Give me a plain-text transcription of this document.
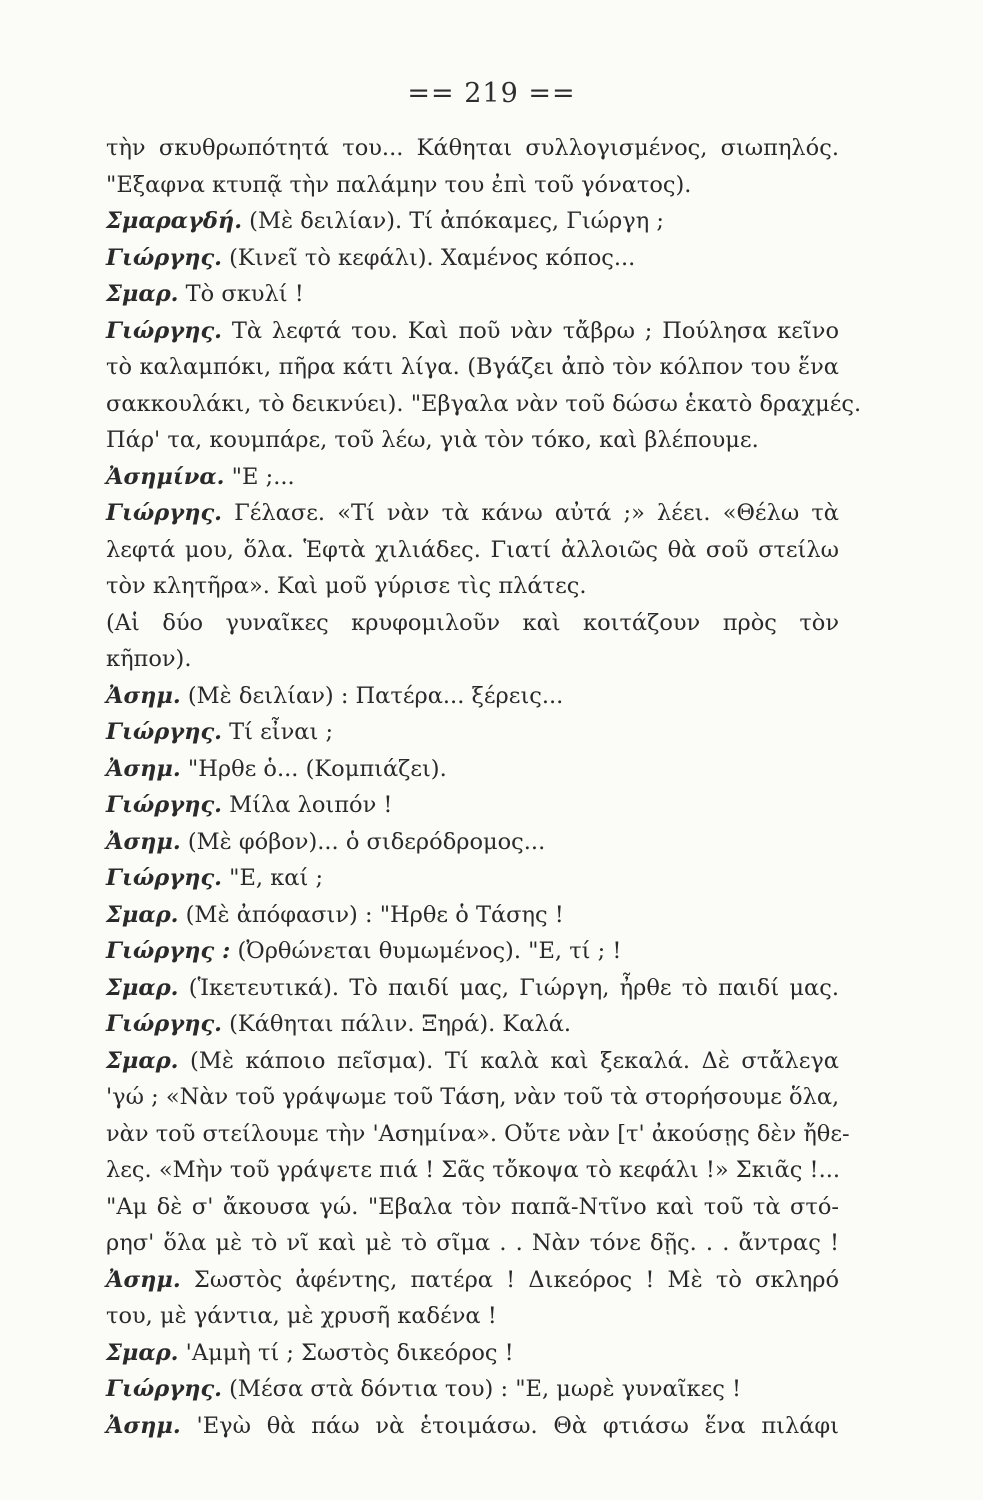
== 219 ==
τὴν σκυθρωπότητά του... Κάθηται συλλογισμένος, σιωπηλός.
"Εξαφνα κτυπᾷ τὴν παλάμην του ἐπὶ τοῦ γόνατος).
Σμαραγδή. (Μὲ δειλίαν). Τί ἀπόκαμες, Γιώργη ;
Γιώργης. (Κινεῖ τὸ κεφάλι). Χαμένος κόπος...
Σμαρ. Τὸ σκυλί !
Γιώργης. Τὰ λεφτά του. Καὶ ποῦ νὰν τἄβρω ; Πούλησα κεῖνο
τὸ καλαμπόκι, πῆρα κάτι λίγα. (Βγάζει ἀπὸ τὸν κόλπον του ἕνα
σακκουλάκι, τὸ δεικνύει). "Εβγαλα νὰν τοῦ δώσω ἑκατὸ δραχμές.
Πάρ' τα, κουμπάρε, τοῦ λέω, γιὰ τὸν τόκο, καὶ βλέπουμε.
Ἀσημίνα. "Ε ;...
Γιώργης. Γέλασε. «Τί νὰν τὰ κάνω αὐτά ;» λέει. «Θέλω τὰ
λεφτά μου, ὅλα. Ἑφτὰ χιλιάδες. Γιατί ἀλλοιῶς θὰ σοῦ στείλω
τὸν κλητῆρα». Καὶ μοῦ γύρισε τὶς πλάτες.
(Αἱ δύο γυναῖκες κρυφομιλοῦν καὶ κοιτάζουν πρὸς τὸν
κῆπον).
Ἀσημ. (Μὲ δειλίαν) : Πατέρα... ξέρεις...
Γιώργης. Τί εἶναι ;
Ἀσημ. "Ηρθε ὁ... (Κομπιάζει).
Γιώργης. Μίλα λοιπόν !
Ἀσημ. (Μὲ φόβον)... ὁ σιδερόδρομος...
Γιώργης. "Ε, καί ;
Σμαρ. (Μὲ ἀπόφασιν) : "Ηρθε ὁ Τάσης !
Γιώργης : (Ὀρθώνεται θυμωμένος). "Ε, τί ; !
Σμαρ. (Ἱκετευτικά). Τὸ παιδί μας, Γιώργη, ἦρθε τὸ παιδί μας.
Γιώργης. (Κάθηται πάλιν. Ξηρά). Καλά.
Σμαρ. (Μὲ κάποιο πεῖσμα). Τί καλὰ καὶ ξεκαλά. Δὲ στἄλεγα
'γώ ; «Νὰν τοῦ γράψωμε τοῦ Τάση, νὰν τοῦ τὰ στορήσουμε ὅλα,
νὰν τοῦ στείλουμε τὴν 'Ασημίνα». Οὔτε νὰν [τ' ἀκούσῃς δὲν ἤθε-
λες. «Μὴν τοῦ γράψετε πιά ! Σᾶς τὄκοψα τὸ κεφάλι !» Σκιᾶς !...
"Αμ δὲ σ' ἄκουσα γώ. "Εβαλα τὸν παπᾶ-Ντῖνο καὶ τοῦ τὰ στό-
ρησ' ὅλα μὲ τὸ νῖ καὶ μὲ τὸ σῖμα . . Νὰν τόνε δῇς. . . ἄντρας !
Ἀσημ. Σωστὸς ἀφέντης, πατέρα ! Δικεόρος ! Μὲ τὸ σκληρό
του, μὲ γάντια, μὲ χρυσῆ καδένα !
Σμαρ. 'Αμμὴ τί ; Σωστὸς δικεόρος !
Γιώργης. (Μέσα στὰ δόντια του) : "Ε, μωρὲ γυναῖκες !
Ἀσημ. 'Εγὼ θὰ πάω νὰ ἑτοιμάσω. Θὰ φτιάσω ἕνα πιλάφι
